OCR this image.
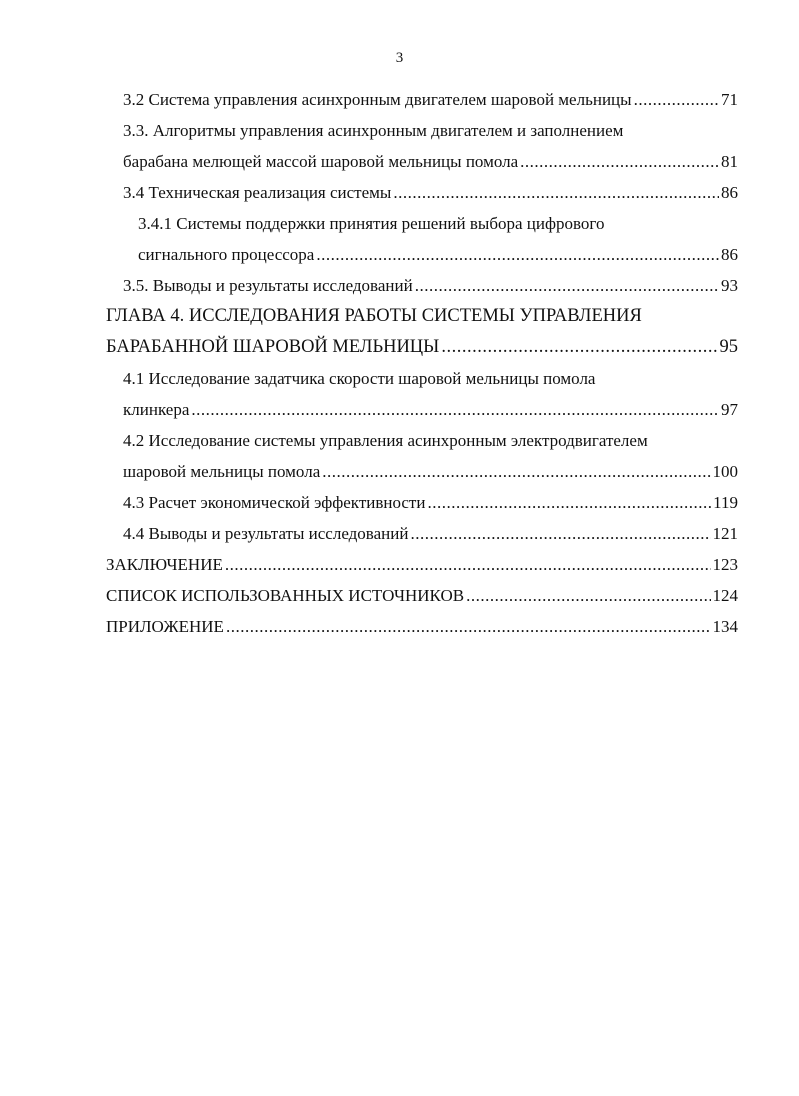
3
3.2 Система управления асинхронным двигателем шаровой мельницы .....	71
3.3. Алгоритмы управления асинхронным двигателем и заполнением
барабана мелющей массой шаровой мельницы помола .....	81
3.4 Техническая реализация системы .....	86
3.4.1 Системы поддержки принятия решений выбора цифрового
сигнального процессора .....	86
3.5. Выводы и результаты исследований .....	93
ГЛАВА 4. ИССЛЕДОВАНИЯ РАБОТЫ СИСТЕМЫ УПРАВЛЕНИЯ
БАРАБАННОЙ ШАРОВОЙ МЕЛЬНИЦЫ .....	95
4.1 Исследование задатчика скорости шаровой мельницы помола
клинкера .....	97
4.2 Исследование системы управления асинхронным электродвигателем
шаровой мельницы помола .....	100
4.3 Расчет экономической эффективности .....	119
4.4 Выводы и результаты исследований .....	121
ЗАКЛЮЧЕНИЕ .....	123
СПИСОК ИСПОЛЬЗОВАННЫХ ИСТОЧНИКОВ .....	124
ПРИЛОЖЕНИЕ .....	134
